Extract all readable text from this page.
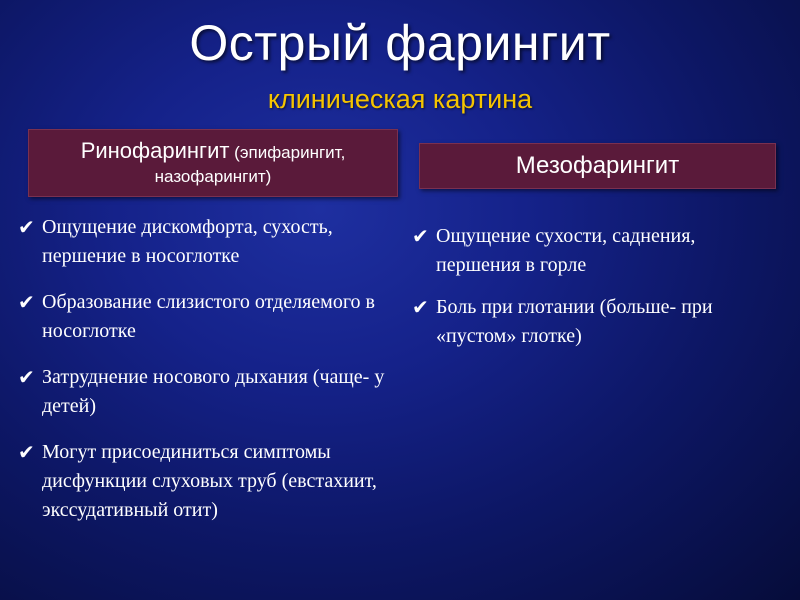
Острый фарингит
клиническая картина
Ринофарингит (эпифарингит, назофарингит)	Мезофарингит
✔ Ощущение дискомфорта, сухость, першение в носоглотке
✔ Образование слизистого отделяемого в носоглотке
✔ Затруднение носового дыхания (чаще- у детей)
✔ Могут присоединиться симптомы дисфункции слуховых труб (евстахиит, экссудативный отит)
✔ Ощущение сухости, саднения, першения в горле
✔ Боль при глотании (больше- при «пустом» глотке)
